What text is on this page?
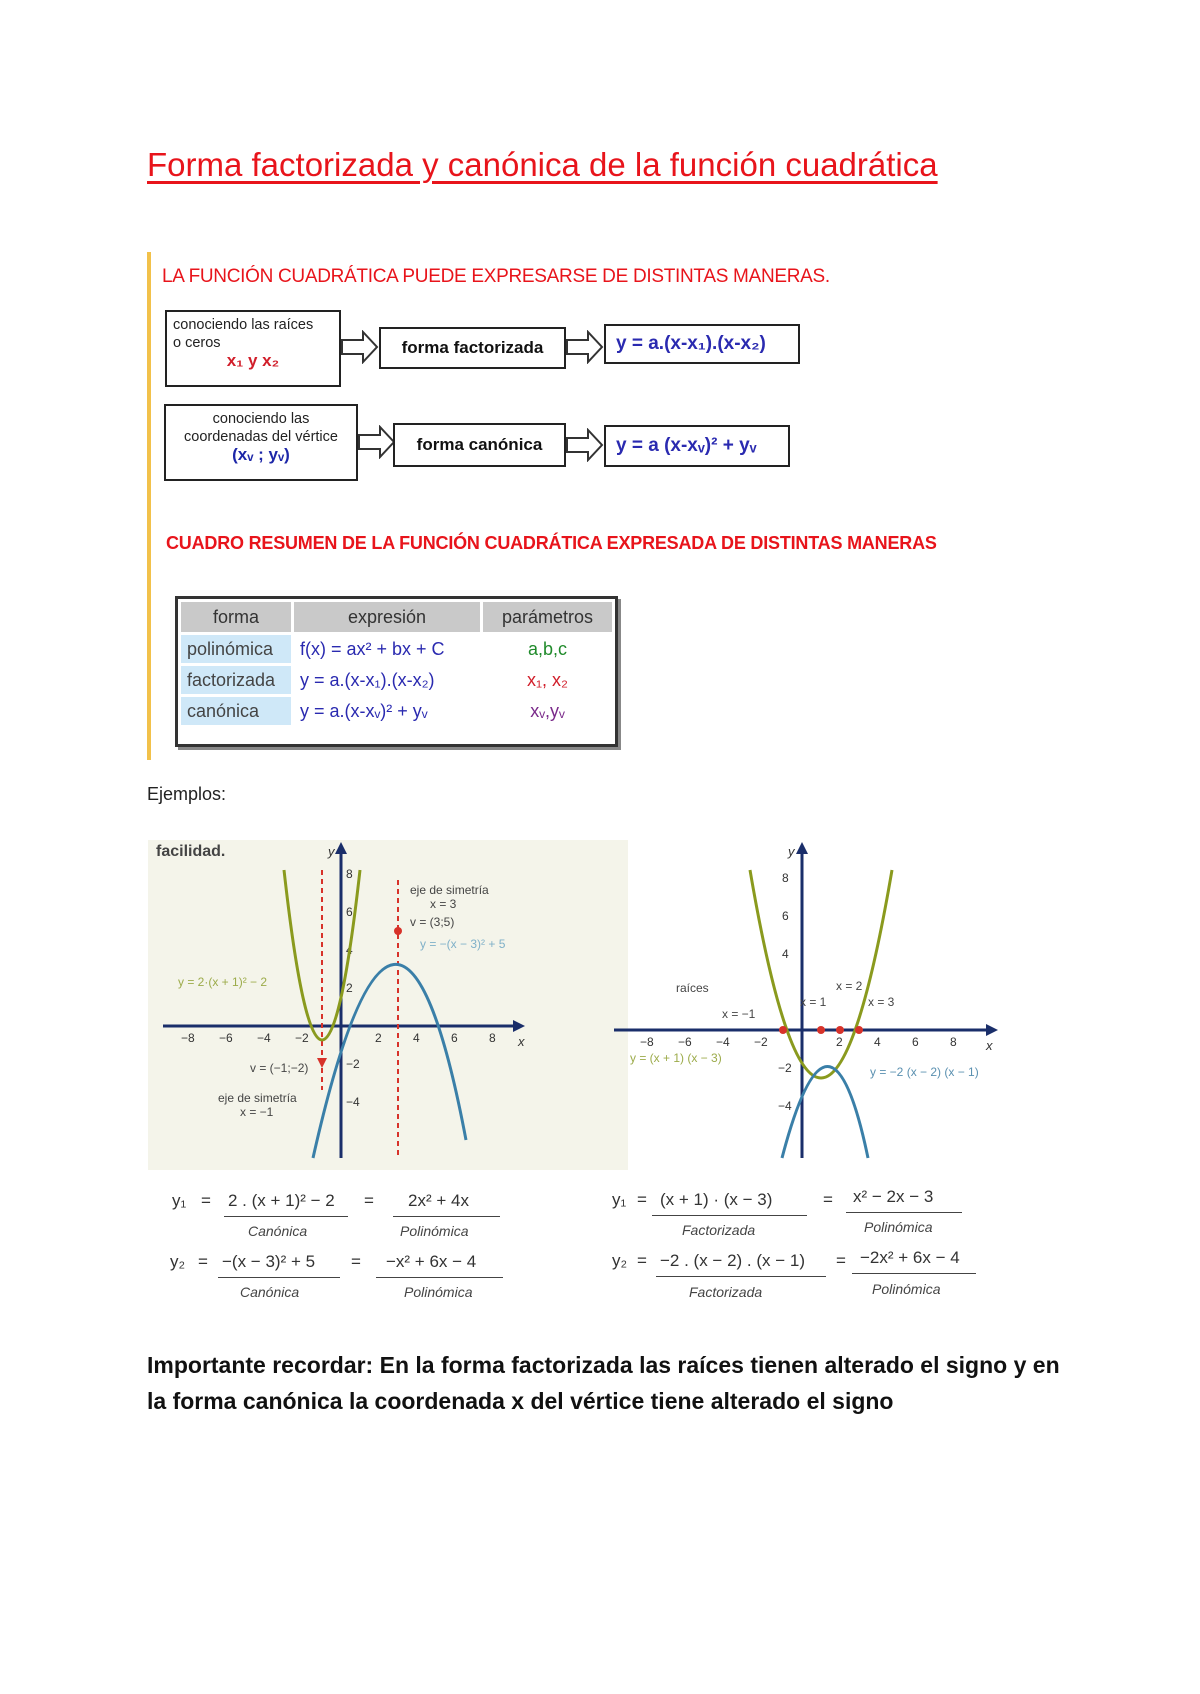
Forma factorizada y canónica de la función cuadrática
LA FUNCIÓN CUADRÁTICA PUEDE EXPRESARSE DE DISTINTAS MANERAS.
conociendo las raíces
o ceros
x₁ y x₂
forma factorizada	y = a.(x-x₁).(x-x₂)
conociendo las
coordenadas del vértice
(xᵥ ; yᵥ)
forma canónica	y = a (x-xᵥ)² + yᵥ
CUADRO RESUMEN DE LA FUNCIÓN CUADRÁTICA EXPRESADA DE DISTINTAS MANERAS
forma	expresión	parámetros
polinómica	f(x) = ax² + bx + C	a,b,c
factorizada	y = a.(x-x₁).(x-x₂)	x₁, x₂
canónica	y = a.(x-xᵥ)² + yᵥ	xᵥ,yᵥ
Ejemplos:
facilidad.	y
x
−8 −6 −4 −2	2	4	6	8
8
6
4
2
−2
−4
eje de simetría
x = 3
v = (3;5)
y = −(x − 3)² + 5
y = 2·(x + 1)² − 2
v = (−1;−2)
eje de simetría
x = −1
y
x
−8 −6 −4 −2	2	4	6	8
8
6
4
−2
−4
raíces
x = −1
x = 1
x = 2
x = 3
y = (x + 1) (x − 3)
y = −2 (x − 2) (x − 1)
y₁ = 2 . (x + 1)² − 2 = 2x² + 4x
Canónica	Polinómica
y₂ = −(x − 3)² + 5 = −x² + 6x − 4
Canónica	Polinómica
y₁ = (x + 1) · (x − 3)	= x² − 2x − 3
Factorizada	Polinómica
y₂ = −2 . (x − 2) . (x − 1) = −2x² + 6x − 4
Factorizada	Polinómica
Importante recordar: En la forma factorizada las raíces tienen alterado el signo y en la forma canónica la coordenada x del vértice tiene alterado el signo
